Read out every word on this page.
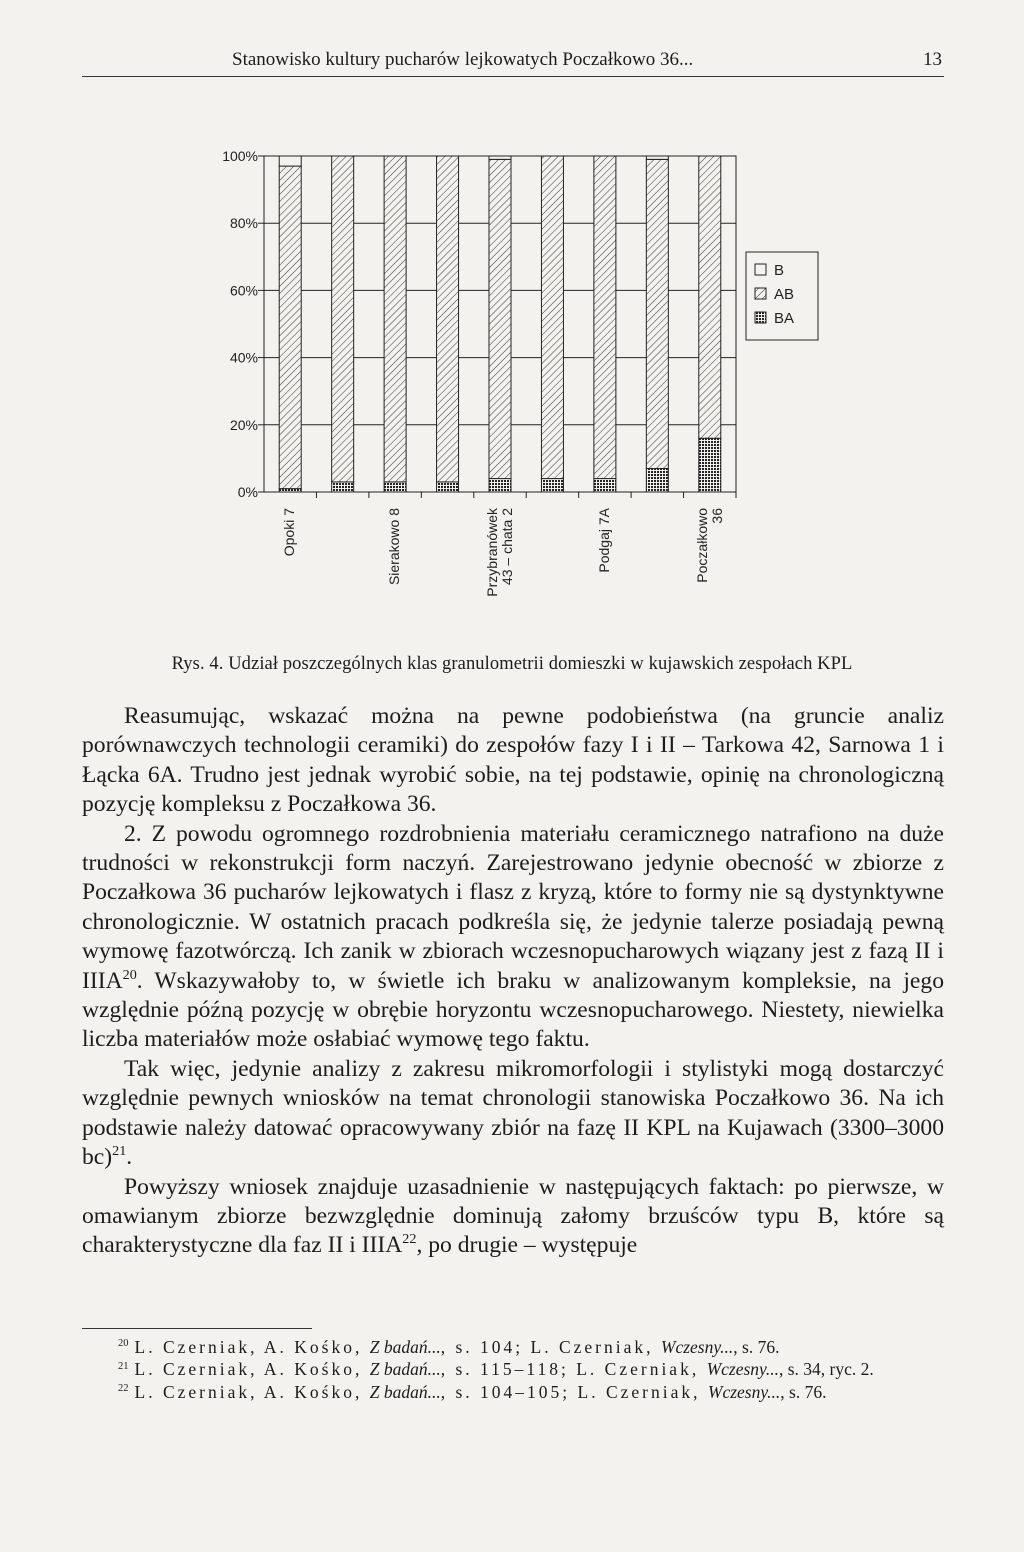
Stanowisko kultury pucharów lejkowatych Poczałkowo 36...	13
0%
20%
40%
60%
80%
100%
Opoki 7	Sierakowo 8	Przybranówek 43 – chata 2	Podgaj 7A	Poczałkowo 36
B
AB
BA
Rys. 4. Udział poszczególnych klas granulometrii domieszki w kujawskich zespołach KPL

Reasumując, wskazać można na pewne podobieństwa (na gruncie analiz porównawczych technologii ceramiki) do zespołów fazy I i II – Tarkowa 42, Sarnowa 1 i Łącka 6A. Trudno jest jednak wyrobić sobie, na tej podstawie, opinię na chronologiczną pozycję kompleksu z Poczałkowa 36.

2. Z powodu ogromnego rozdrobnienia materiału ceramicznego natrafiono na duże trudności w rekonstrukcji form naczyń. Zarejestrowano jedynie obecność w zbiorze z Poczałkowa 36 pucharów lejkowatych i flasz z kryzą, które to formy nie są dystynktywne chronologicznie. W ostatnich pracach podkreśla się, że jedynie talerze posiadają pewną wymowę fazotwórczą. Ich zanik w zbiorach wczesnopucharowych wiązany jest z fazą II i IIIA$^{20}$. Wskazywałoby to, w świetle ich braku w analizowanym kompleksie, na jego względnie późną pozycję w obrębie horyzontu wczesnopucharowego. Niestety, niewielka liczba materiałów może osłabiać wymowę tego faktu.

Tak więc, jedynie analizy z zakresu mikromorfologii i stylistyki mogą dostarczyć względnie pewnych wniosków na temat chronologii stanowiska Poczałkowo 36. Na ich podstawie należy datować opracowywany zbiór na fazę II KPL na Kujawach (3300–3000 bc)$^{21}$.

Powyższy wniosek znajduje uzasadnienie w następujących faktach: po pierwsze, w omawianym zbiorze bezwzględnie dominują załomy brzuśców typu B, które są charakterystyczne dla faz II i IIIA$^{22}$, po drugie – występuje

$^{20}$ L. Czerniak, A. Kośko, Z badań..., s. 104; L. Czerniak, Wczesny..., s. 76.

$^{21}$ L. Czerniak, A. Kośko, Z badań..., s. 115–118; L. Czerniak, Wczesny..., s. 34, ryc. 2.

$^{22}$ L. Czerniak, A. Kośko, Z badań..., s. 104–105; L. Czerniak, Wczesny..., s. 76.
